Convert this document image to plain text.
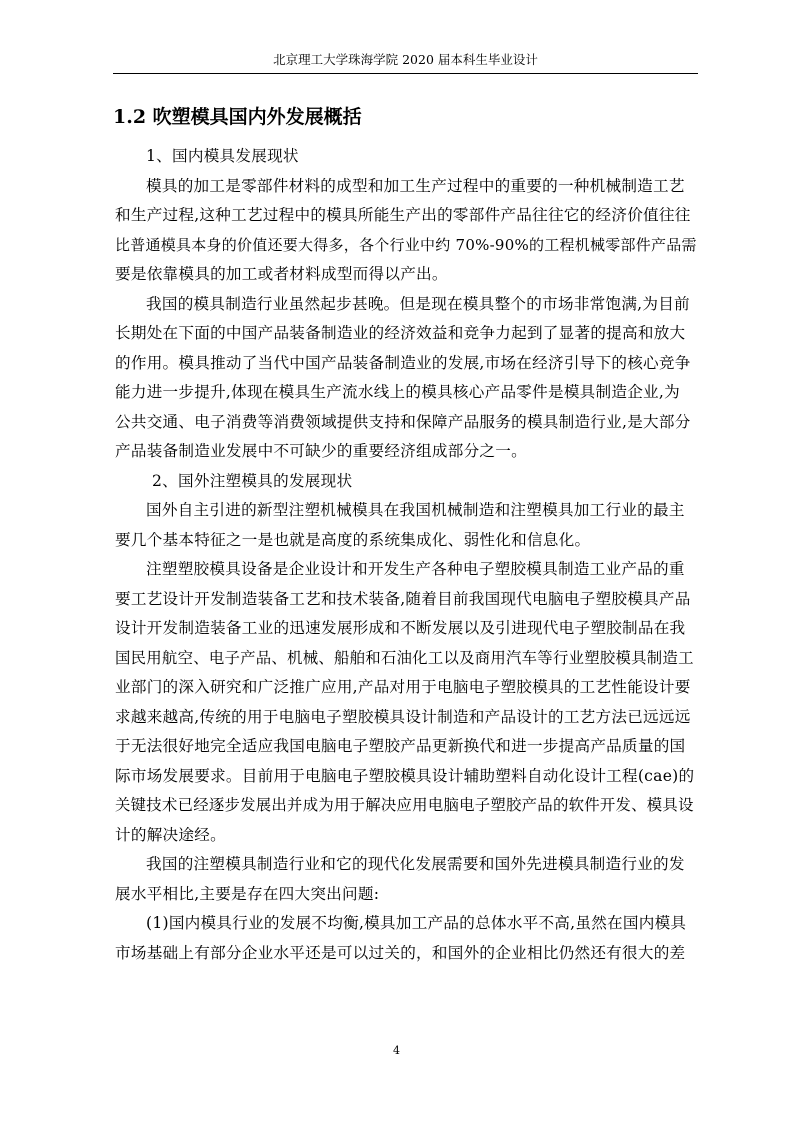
北京理工大学珠海学院 2020 届本科生毕业设计
1.2 吹塑模具国内外发展概括
1、国内模具发展现状
模具的加工是零部件材料的成型和加工生产过程中的重要的一种机械制造工艺
和生产过程,这种工艺过程中的模具所能生产出的零部件产品往往它的经济价值往往
比普通模具本身的价值还要大得多，各个行业中约 70%-90%的工程机械零部件产品需
要是依靠模具的加工或者材料成型而得以产出。
我国的模具制造行业虽然起步甚晚。但是现在模具整个的市场非常饱满,为目前
长期处在下面的中国产品装备制造业的经济效益和竞争力起到了显著的提高和放大
的作用。模具推动了当代中国产品装备制造业的发展,市场在经济引导下的核心竞争
能力进一步提升,体现在模具生产流水线上的模具核心产品零件是模具制造企业,为
公共交通、电子消费等消费领域提供支持和保障产品服务的模具制造行业,是大部分
产品装备制造业发展中不可缺少的重要经济组成部分之一。
2、国外注塑模具的发展现状
国外自主引进的新型注塑机械模具在我国机械制造和注塑模具加工行业的最主
要几个基本特征之一是也就是高度的系统集成化、弱性化和信息化。
注塑塑胶模具设备是企业设计和开发生产各种电子塑胶模具制造工业产品的重
要工艺设计开发制造装备工艺和技术装备,随着目前我国现代电脑电子塑胶模具产品
设计开发制造装备工业的迅速发展形成和不断发展以及引进现代电子塑胶制品在我
国民用航空、电子产品、机械、船舶和石油化工以及商用汽车等行业塑胶模具制造工
业部门的深入研究和广泛推广应用,产品对用于电脑电子塑胶模具的工艺性能设计要
求越来越高,传统的用于电脑电子塑胶模具设计制造和产品设计的工艺方法已远远远
于无法很好地完全适应我国电脑电子塑胶产品更新换代和进一步提高产品质量的国
际市场发展要求。目前用于电脑电子塑胶模具设计辅助塑料自动化设计工程(cae)的
关键技术已经逐步发展出并成为用于解决应用电脑电子塑胶产品的软件开发、模具设
计的解决途经。
我国的注塑模具制造行业和它的现代化发展需要和国外先进模具制造行业的发
展水平相比,主要是存在四大突出问题:
(1)国内模具行业的发展不均衡,模具加工产品的总体水平不高,虽然在国内模具
市场基础上有部分企业水平还是可以过关的，和国外的企业相比仍然还有很大的差
4
